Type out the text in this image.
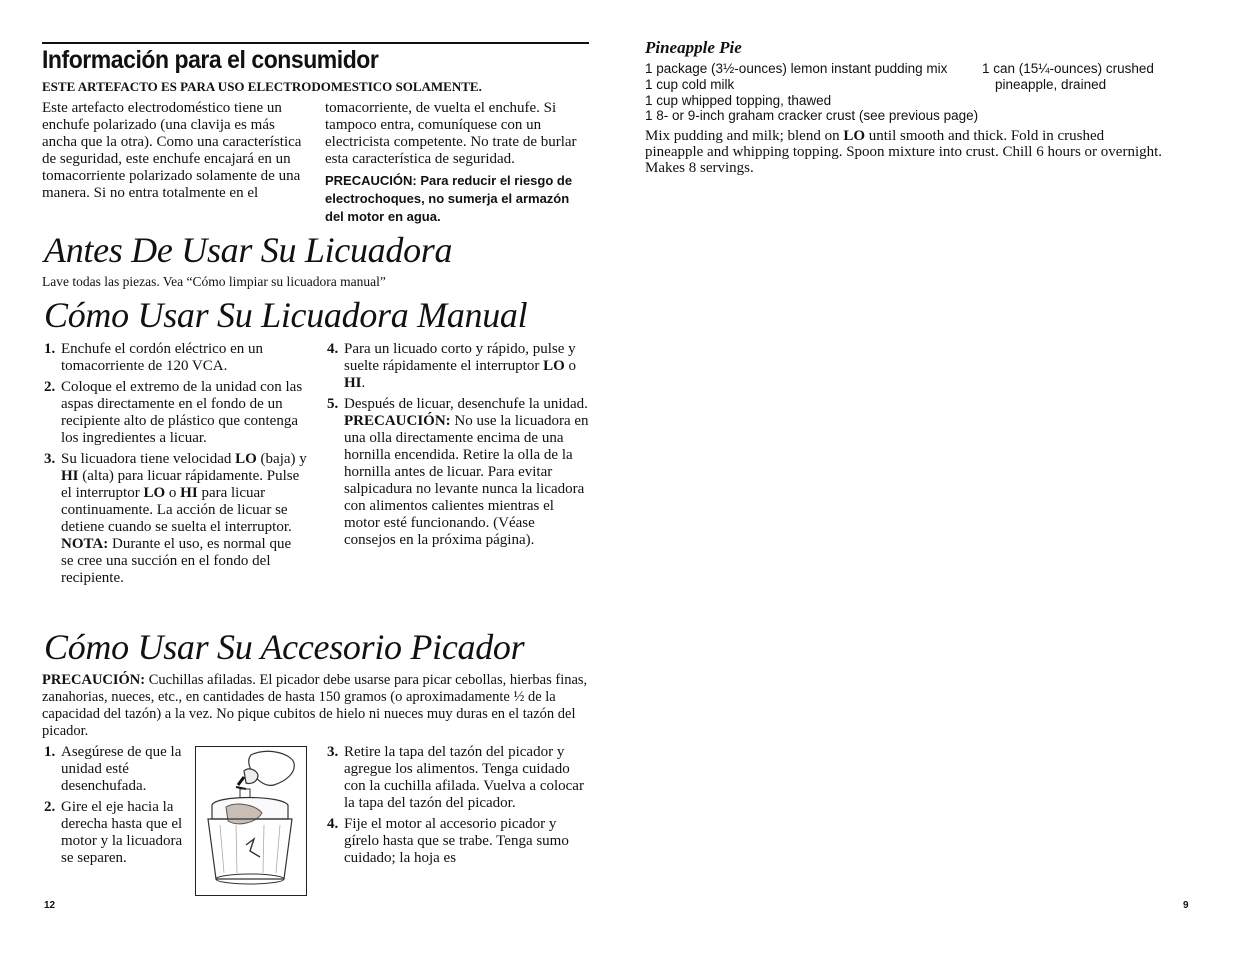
Información para el consumidor
ESTE ARTEFACTO ES PARA USO ELECTRODOMESTICO SOLAMENTE.
Este artefacto electrodoméstico tiene un enchufe polarizado (una clavija es más ancha que la otra). Como una característica de seguridad, este enchufe encajará en un tomacorriente polarizado solamente de una manera. Si no entra totalmente en el
tomacorriente, de vuelta el enchufe. Si tampoco entra, comuníquese con un electricista competente. No trate de burlar esta característica de seguridad.
PRECAUCIÓN: Para reducir el riesgo de electrochoques, no sumerja el armazón del motor en agua.
Antes De Usar Su Licuadora
Lave todas las piezas. Vea “Cómo limpiar su licuadora manual”
Cómo Usar Su Licuadora Manual
1. Enchufe el cordón eléctrico en un tomacorriente de 120 VCA.
2. Coloque el extremo de la unidad con las aspas directamente en el fondo de un recipiente alto de plástico que contenga los ingredientes a licuar.
3. Su licuadora tiene velocidad LO (baja) y HI (alta) para licuar rápidamente. Pulse el interruptor LO o HI para licuar continuamente. La acción de licuar se detiene cuando se suelta el interruptor. NOTA: Durante el uso, es normal que se cree una succión en el fondo del recipiente.
4. Para un licuado corto y rápido, pulse y suelte rápidamente el interruptor LO o HI.
5. Después de licuar, desenchufe la unidad. PRECAUCIÓN: No use la licuadora en una olla directamente encima de una hornilla encendida. Retire la olla de la hornilla antes de licuar. Para evitar salpicadura no levante nunca la licadora con alimentos calientes mientras el motor esté funcionando. (Véase consejos en la próxima página).
Cómo Usar Su Accesorio Picador
PRECAUCIÓN: Cuchillas afiladas. El picador debe usarse para picar cebollas, hierbas finas, zanahorias, nueces, etc., en cantidades de hasta 150 gramos (o aproximadamente ½ de la capacidad del tazón) a la vez. No pique cubitos de hielo ni nueces muy duras en el tazón del picador.
1. Asegúrese de que la unidad esté desenchufada.
2. Gire el eje hacia la derecha hasta que el motor y la licuadora se separen.
3. Retire la tapa del tazón del picador y agregue los alimentos. Tenga cuidado con la cuchilla afilada. Vuelva a colocar la tapa del tazón del picador.
4. Fije el motor al accesorio picador y gírelo hasta que se trabe. Tenga sumo cuidado; la hoja es
12
Pineapple Pie
1 package (3½-ounces) lemon instant pudding mix
1 cup cold milk
1 cup whipped topping, thawed
1 8- or 9-inch graham cracker crust (see previous page)
1 can (15¼-ounces) crushed
pineapple, drained
Mix pudding and milk; blend on LO until smooth and thick. Fold in crushed pineapple and whipping topping. Spoon mixture into crust. Chill 6 hours or overnight. Makes 8 servings.
9
